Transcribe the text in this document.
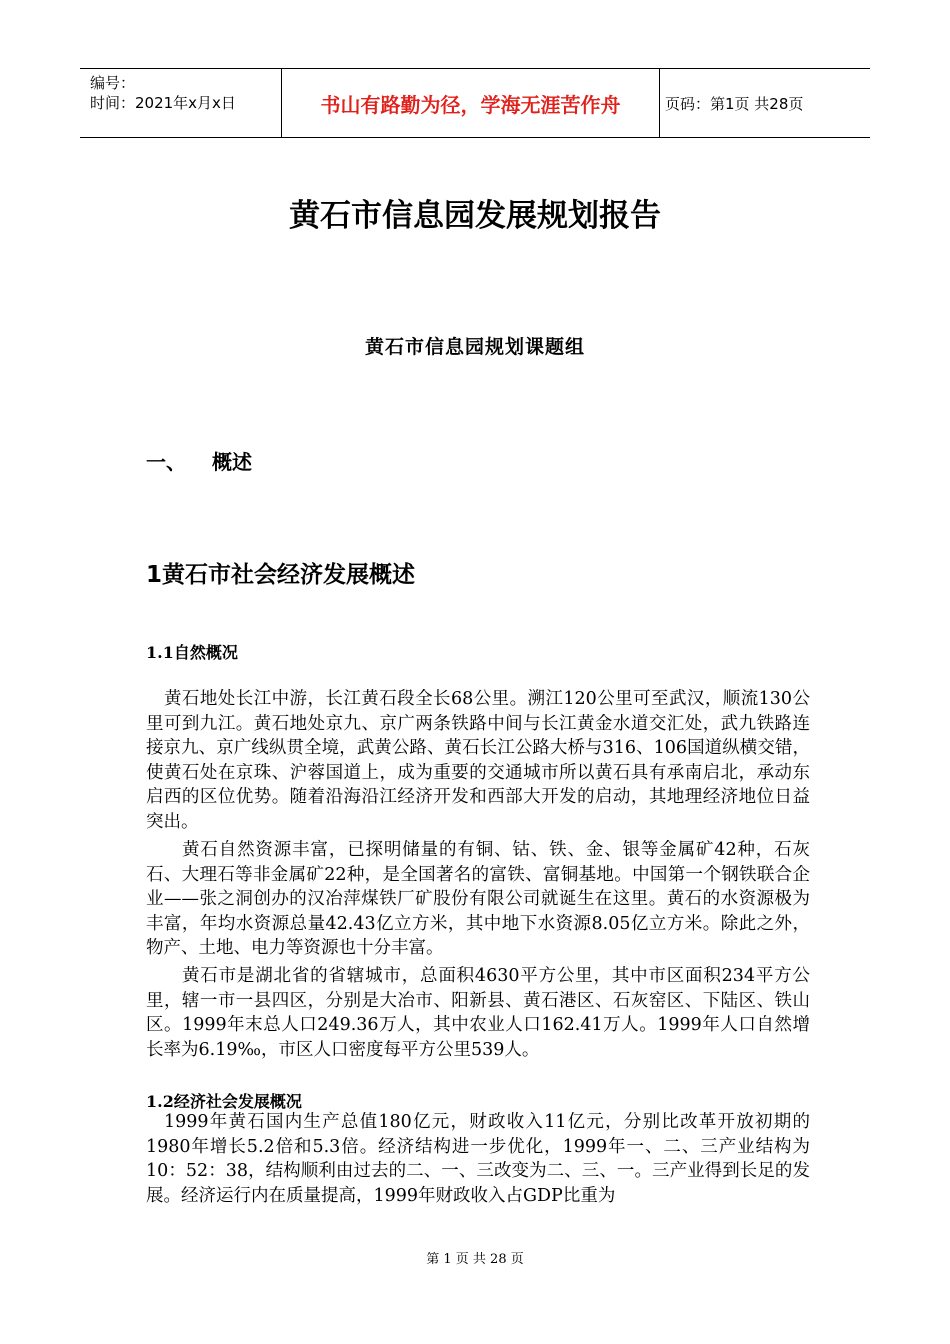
编号：
时间：2021年x月x日	书山有路勤为径，学海无涯苦作舟	页码：第1页 共28页
黄石市信息园发展规划报告
黄石市信息园规划课题组
一、 概述
1黄石市社会经济发展概述
1.1自然概况
黄石地处长江中游，长江黄石段全长68公里。溯江120公里可至武汉，顺流130公里可到九江。黄石地处京九、京广两条铁路中间与长江黄金水道交汇处，武九铁路连接京九、京广线纵贯全境，武黄公路、黄石长江公路大桥与316、106国道纵横交错，使黄石处在京珠、沪蓉国道上，成为重要的交通城市所以黄石具有承南启北，承动东启西的区位优势。随着沿海沿江经济开发和西部大开发的启动，其地理经济地位日益突出。
黄石自然资源丰富，已探明储量的有铜、钴、铁、金、银等金属矿42种，石灰石、大理石等非金属矿22种，是全国著名的富铁、富铜基地。中国第一个钢铁联合企业——张之洞创办的汉冶萍煤铁厂矿股份有限公司就诞生在这里。黄石的水资源极为丰富，年均水资源总量42.43亿立方米，其中地下水资源8.05亿立方米。除此之外，物产、土地、电力等资源也十分丰富。
黄石市是湖北省的省辖城市，总面积4630平方公里，其中市区面积234平方公里，辖一市一县四区，分别是大冶市、阳新县、黄石港区、石灰窑区、下陆区、铁山区。1999年末总人口249.36万人，其中农业人口162.41万人。1999年人口自然增长率为6.19‰，市区人口密度每平方公里539人。
1.2经济社会发展概况
1999年黄石国内生产总值180亿元，财政收入11亿元，分别比改革开放初期的1980年增长5.2倍和5.3倍。经济结构进一步优化，1999年一、二、三产业结构为10：52：38，结构顺利由过去的二、一、三改变为二、三、一。三产业得到长足的发展。经济运行内在质量提高，1999年财政收入占GDP比重为
第 1 页 共 28 页
